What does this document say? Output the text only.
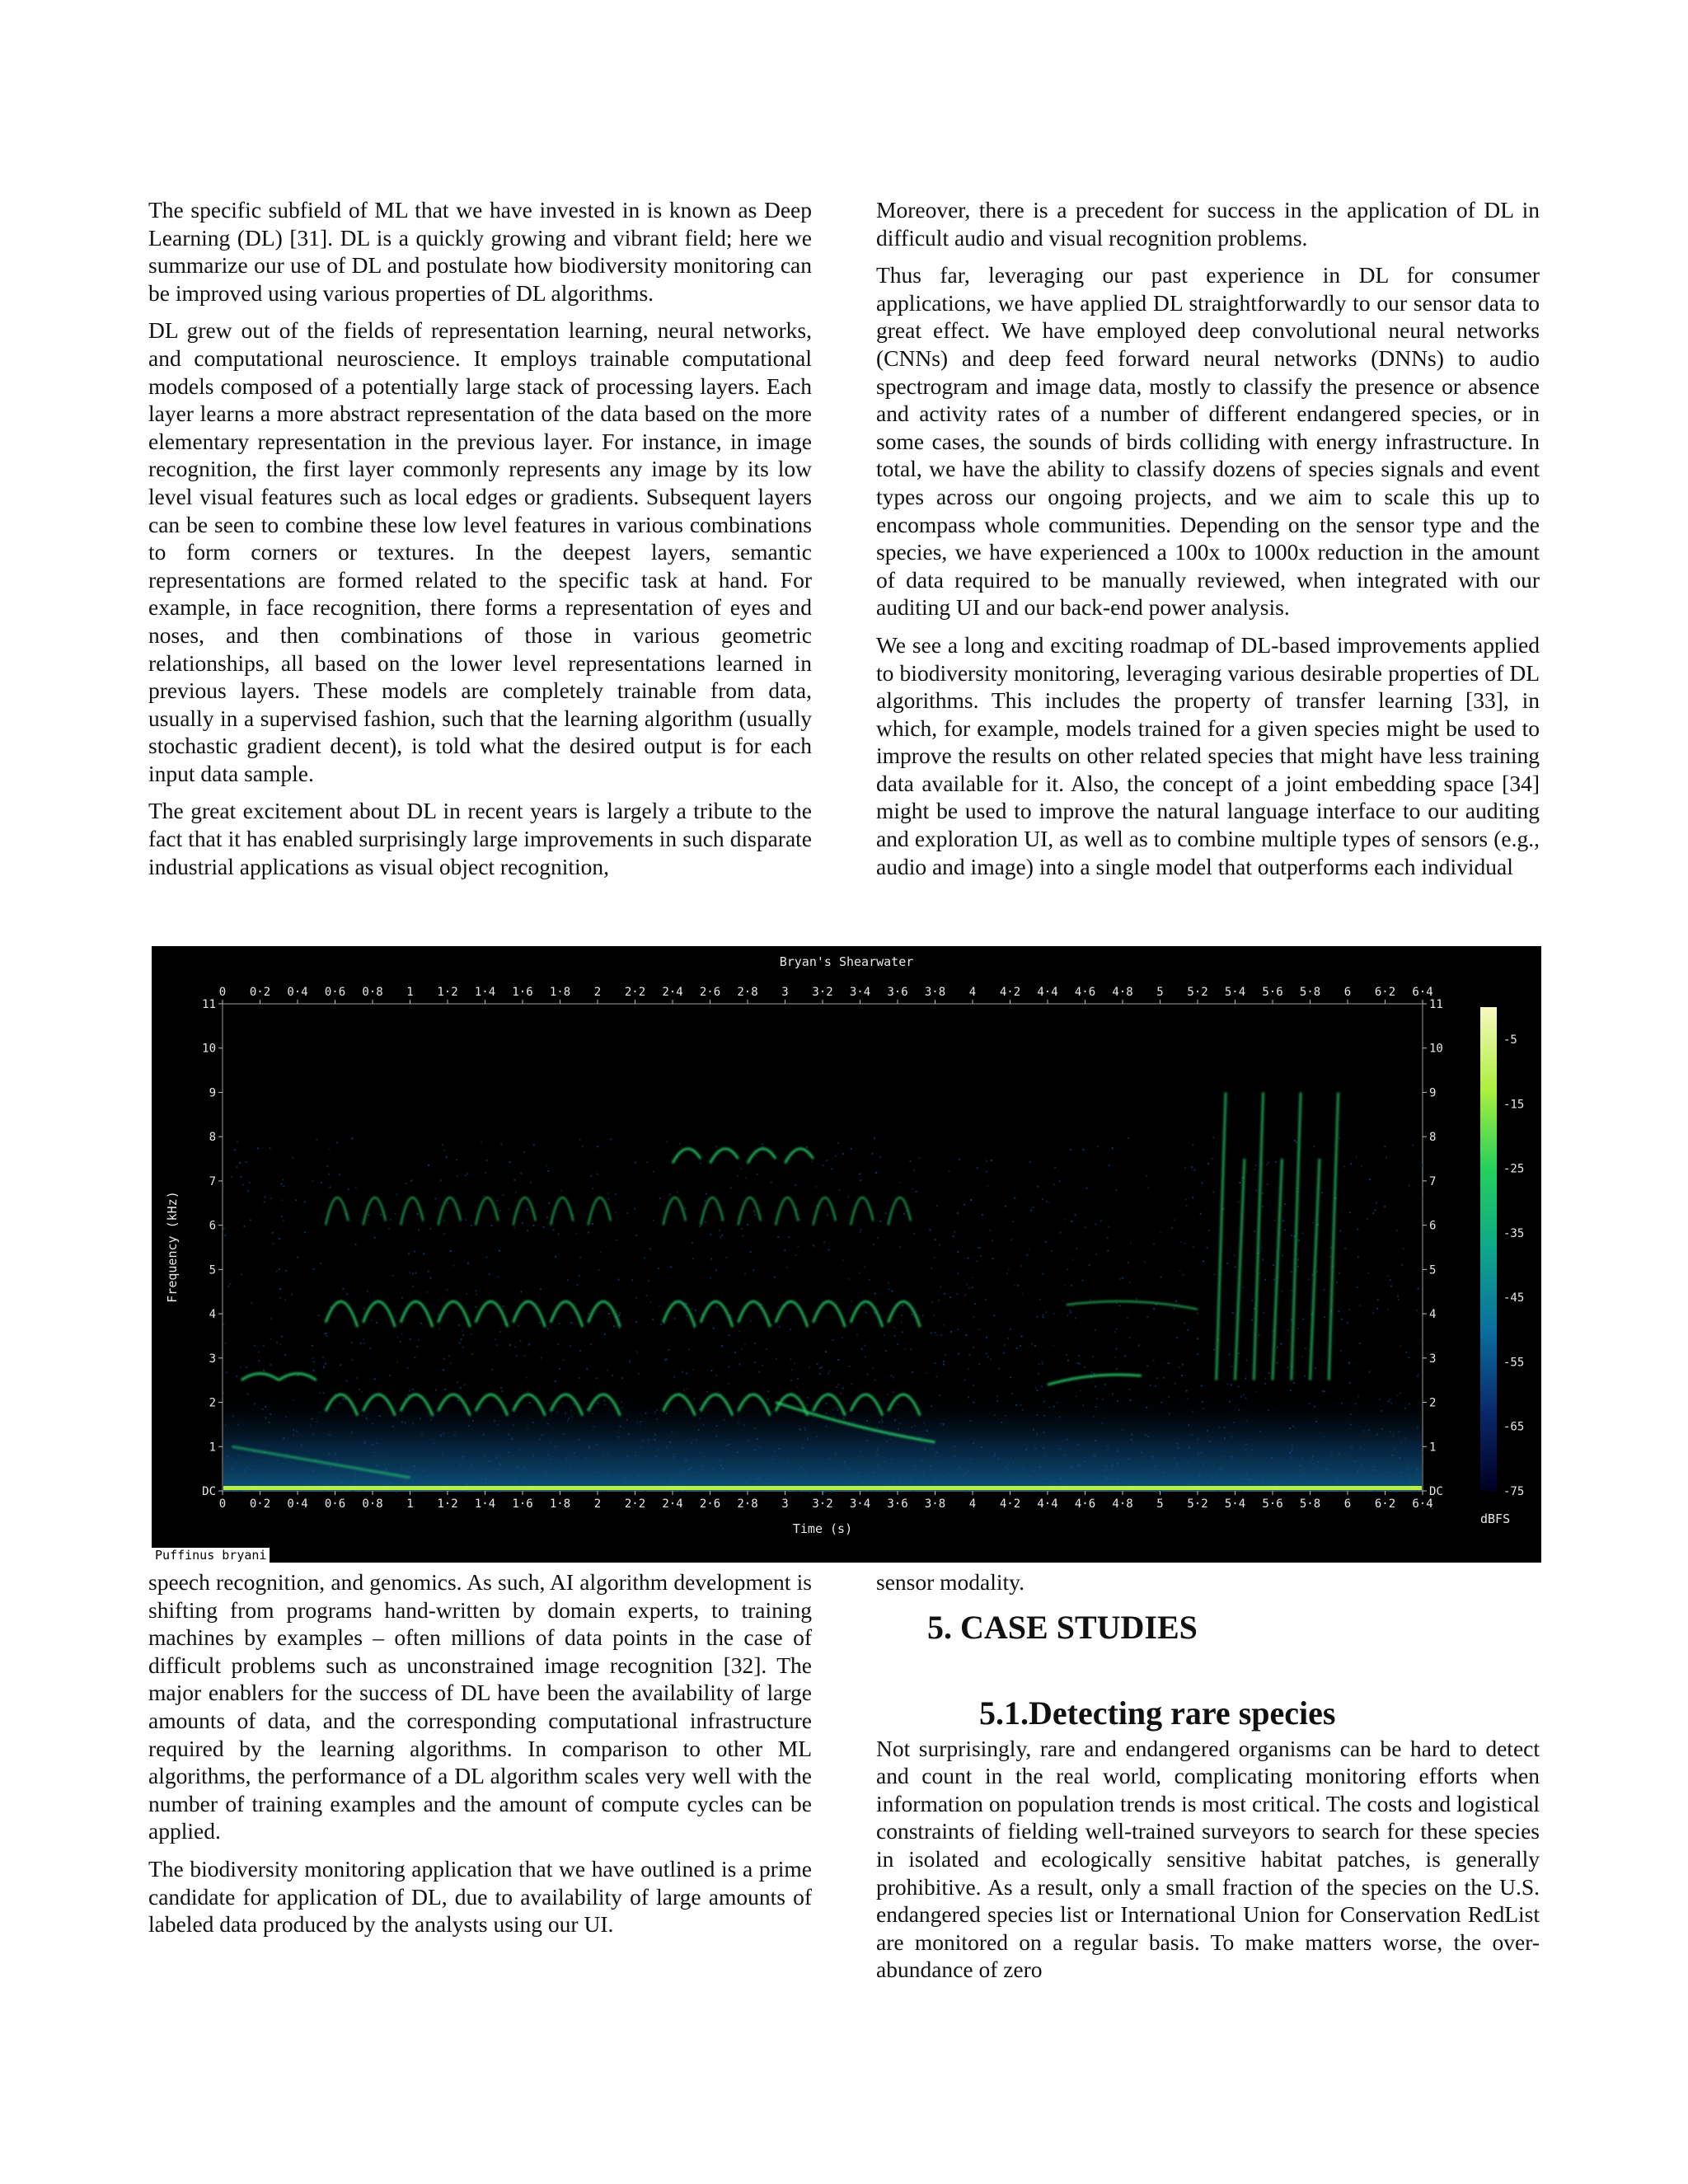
The specific subfield of ML that we have invested in is known as Deep Learning (DL) [31]. DL is a quickly growing and vibrant field; here we summarize our use of DL and postulate how biodiversity monitoring can be improved using various properties of DL algorithms.

DL grew out of the fields of representation learning, neural networks, and computational neuroscience. It employs trainable computational models composed of a potentially large stack of processing layers. Each layer learns a more abstract representation of the data based on the more elementary representation in the previous layer. For instance, in image recognition, the first layer commonly represents any image by its low level visual features such as local edges or gradients. Subsequent layers can be seen to combine these low level features in various combinations to form corners or textures. In the deepest layers, semantic representations are formed related to the specific task at hand. For example, in face recognition, there forms a representation of eyes and noses, and then combinations of those in various geometric relationships, all based on the lower level representations learned in previous layers. These models are completely trainable from data, usually in a supervised fashion, such that the learning algorithm (usually stochastic gradient decent), is told what the desired output is for each input data sample.

The great excitement about DL in recent years is largely a tribute to the fact that it has enabled surprisingly large improvements in such disparate industrial applications as visual object recognition,

Moreover, there is a precedent for success in the application of DL in difficult audio and visual recognition problems.

Thus far, leveraging our past experience in DL for consumer applications, we have applied DL straightforwardly to our sensor data to great effect. We have employed deep convolutional neural networks (CNNs) and deep feed forward neural networks (DNNs) to audio spectrogram and image data, mostly to classify the presence or absence and activity rates of a number of different endangered species, or in some cases, the sounds of birds colliding with energy infrastructure. In total, we have the ability to classify dozens of species signals and event types across our ongoing projects, and we aim to scale this up to encompass whole communities. Depending on the sensor type and the species, we have experienced a 100x to 1000x reduction in the amount of data required to be manually reviewed, when integrated with our auditing UI and our back-end power analysis.

We see a long and exciting roadmap of DL-based improvements applied to biodiversity monitoring, leveraging various desirable properties of DL algorithms. This includes the property of transfer learning [33], in which, for example, models trained for a given species might be used to improve the results on other related species that might have less training data available for it. Also, the concept of a joint embedding space [34] might be used to improve the natural language interface to our auditing and exploration UI, as well as to combine multiple types of sensors (e.g., audio and image) into a single model that outperforms each individual

Bryan's Shearwater
0 0·2 0·4 0·6 0·8 1 1·2 1·4 1·6 1·8 2 2·2 2·4 2·6 2·8 3 3·2 3·4 3·6 3·8 4 4·2 4·4 4·6 4·8 5 5·2 5·4 5·6 5·8 6 6·2 6·4
0 0·2 0·4 0·6 0·8 1 1·2 1·4 1·6 1·8 2 2·2 2·4 2·6 2·8 3 3·2 3·4 3·6 3·8 4 4·2 4·4 4·6 4·8 5 5·2 5·4 5·6 5·8 6 6·2 6·4
DC
1
2
3
4
5
6
7
8
9
10
11
DC
1
2
3
4
5
6
7
8
9
10
11
Time (s)
Frequency (kHz)
-5
-15
-25
-35
-45
-55
-65
-75
dBFS
Puffinus bryani

speech recognition, and genomics. As such, AI algorithm development is shifting from programs hand-written by domain experts, to training machines by examples – often millions of data points in the case of difficult problems such as unconstrained image recognition [32]. The major enablers for the success of DL have been the availability of large amounts of data, and the corresponding computational infrastructure required by the learning algorithms. In comparison to other ML algorithms, the performance of a DL algorithm scales very well with the number of training examples and the amount of compute cycles can be applied.

The biodiversity monitoring application that we have outlined is a prime candidate for application of DL, due to availability of large amounts of labeled data produced by the analysts using our UI.

sensor modality.

5. CASE STUDIES
5.1.Detecting rare species

Not surprisingly, rare and endangered organisms can be hard to detect and count in the real world, complicating monitoring efforts when information on population trends is most critical. The costs and logistical constraints of fielding well-trained surveyors to search for these species in isolated and ecologically sensitive habitat patches, is generally prohibitive. As a result, only a small fraction of the species on the U.S. endangered species list or International Union for Conservation RedList are monitored on a regular basis. To make matters worse, the over-abundance of zero
